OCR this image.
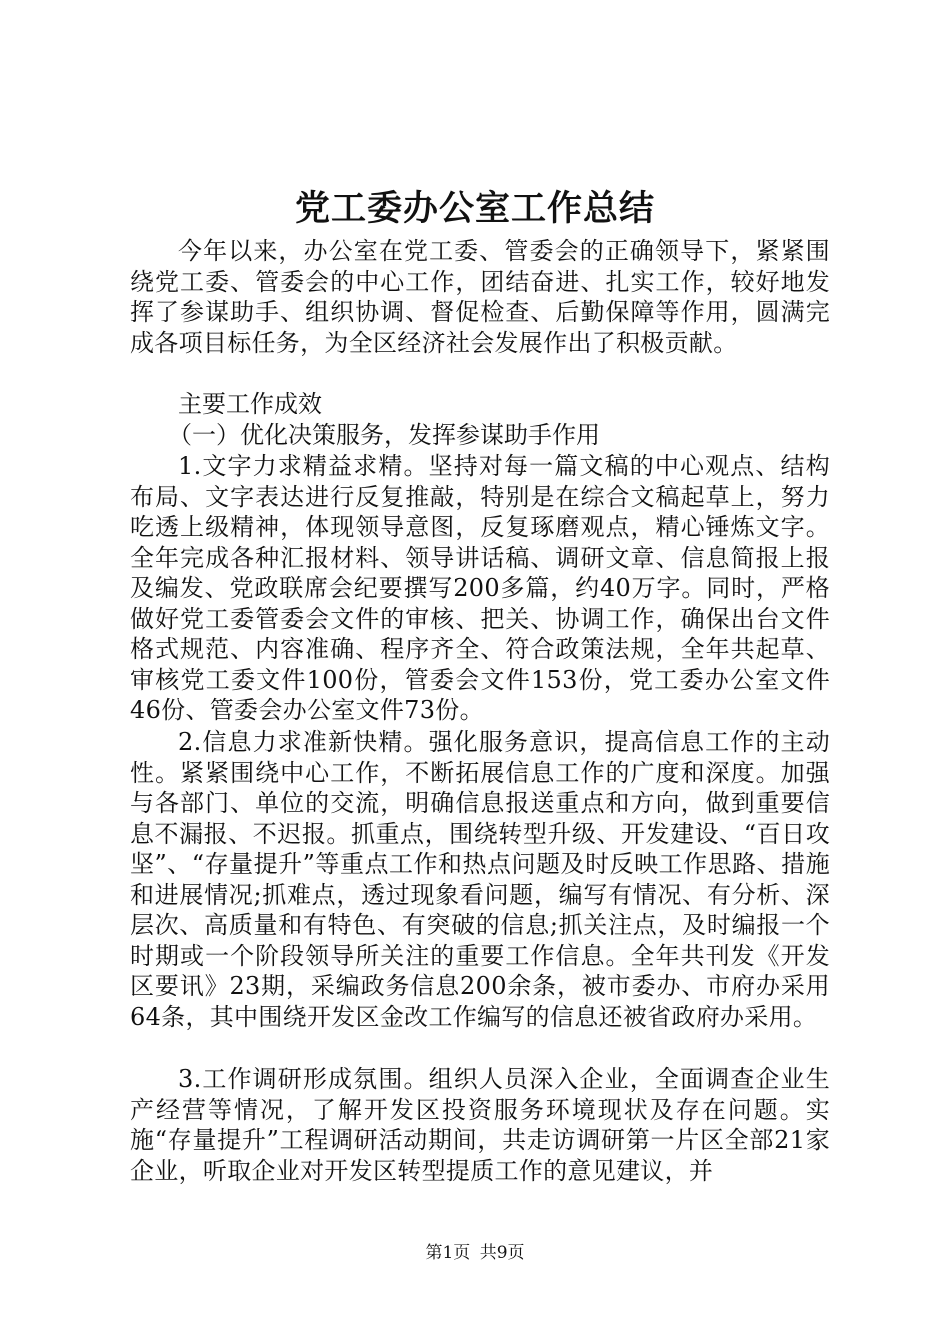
党工委办公室工作总结
今年以来，办公室在党工委、管委会的正确领导下，紧紧围绕党工委、管委会的中心工作，团结奋进、扎实工作，较好地发挥了参谋助手、组织协调、督促检查、后勤保障等作用，圆满完成各项目标任务，为全区经济社会发展作出了积极贡献。
主要工作成效
（一）优化决策服务，发挥参谋助手作用
1.文字力求精益求精。坚持对每一篇文稿的中心观点、结构布局、文字表达进行反复推敲，特别是在综合文稿起草上，努力吃透上级精神，体现领导意图，反复琢磨观点，精心锤炼文字。全年完成各种汇报材料、领导讲话稿、调研文章、信息简报上报及编发、党政联席会纪要撰写200多篇，约40万字。同时，严格做好党工委管委会文件的审核、把关、协调工作，确保出台文件格式规范、内容准确、程序齐全、符合政策法规，全年共起草、审核党工委文件100份，管委会文件153份，党工委办公室文件46份、管委会办公室文件73份。
2.信息力求准新快精。强化服务意识，提高信息工作的主动性。紧紧围绕中心工作，不断拓展信息工作的广度和深度。加强与各部门、单位的交流，明确信息报送重点和方向，做到重要信息不漏报、不迟报。抓重点，围绕转型升级、开发建设、“百日攻坚”、“存量提升”等重点工作和热点问题及时反映工作思路、措施和进展情况;抓难点，透过现象看问题，编写有情况、有分析、深层次、高质量和有特色、有突破的信息;抓关注点，及时编报一个时期或一个阶段领导所关注的重要工作信息。全年共刊发《开发区要讯》23期，采编政务信息200余条，被市委办、市府办采用64条，其中围绕开发区金改工作编写的信息还被省政府办采用。
3.工作调研形成氛围。组织人员深入企业，全面调查企业生产经营等情况，了解开发区投资服务环境现状及存在问题。实施“存量提升”工程调研活动期间，共走访调研第一片区全部21家企业，听取企业对开发区转型提质工作的意见建议，并
第1页 共9页
